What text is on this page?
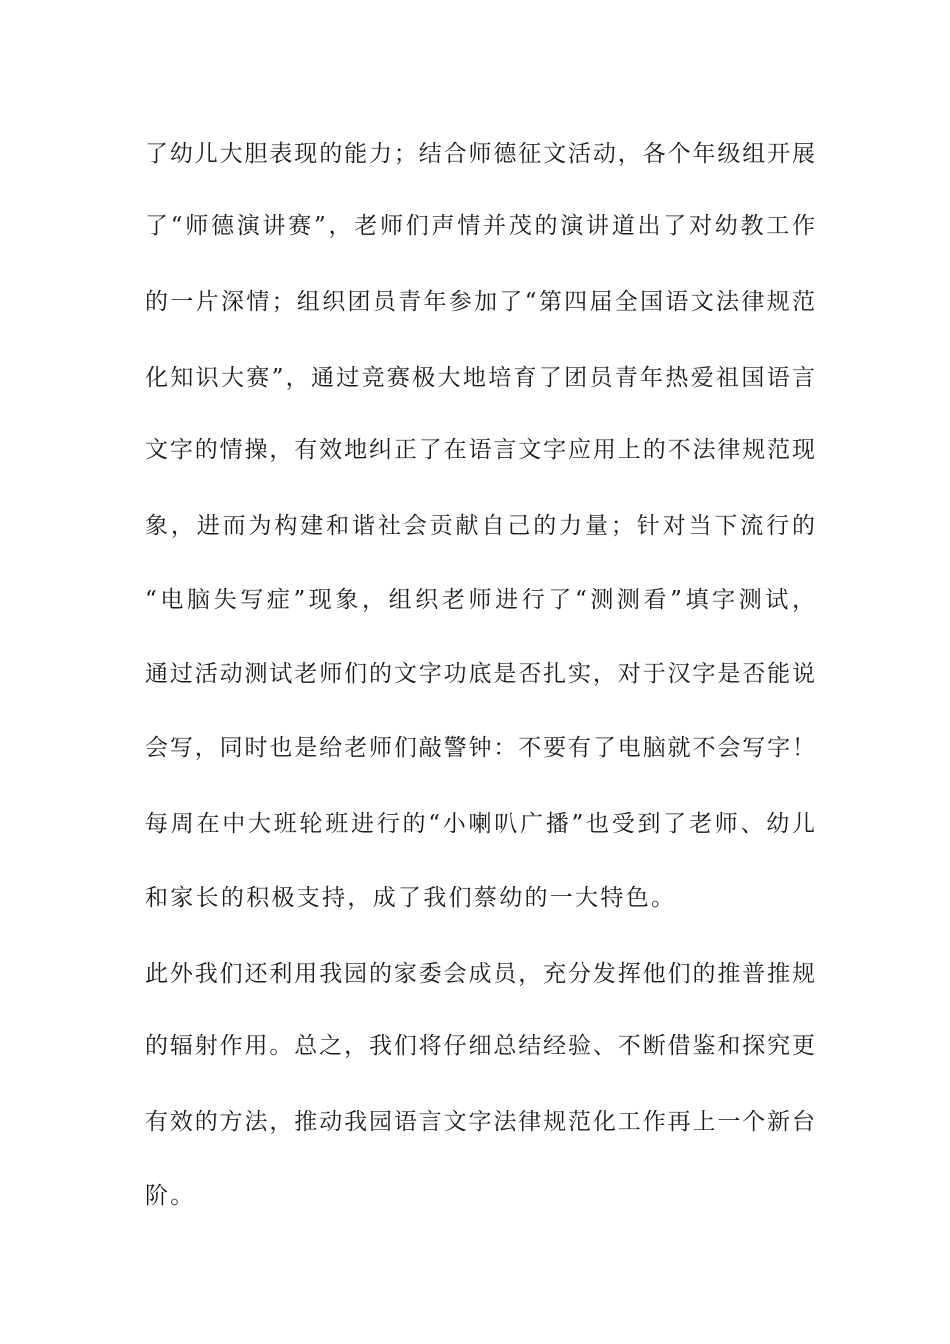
了幼儿大胆表现的能力；结合师德征文活动，各个年级组开展
了“师德演讲赛”，老师们声情并茂的演讲道出了对幼教工作
的一片深情；组织团员青年参加了“第四届全国语文法律规范
化知识大赛”，通过竞赛极大地培育了团员青年热爱祖国语言
文字的情操，有效地纠正了在语言文字应用上的不法律规范现
象，进而为构建和谐社会贡献自己的力量；针对当下流行的
“电脑失写症”现象，组织老师进行了“测测看”填字测试，
通过活动测试老师们的文字功底是否扎实，对于汉字是否能说
会写，同时也是给老师们敲警钟：不要有了电脑就不会写字！
每周在中大班轮班进行的“小喇叭广播”也受到了老师、幼儿
和家长的积极支持，成了我们蔡幼的一大特色。
此外我们还利用我园的家委会成员，充分发挥他们的推普推规
的辐射作用。总之，我们将仔细总结经验、不断借鉴和探究更
有效的方法，推动我园语言文字法律规范化工作再上一个新台
阶。
